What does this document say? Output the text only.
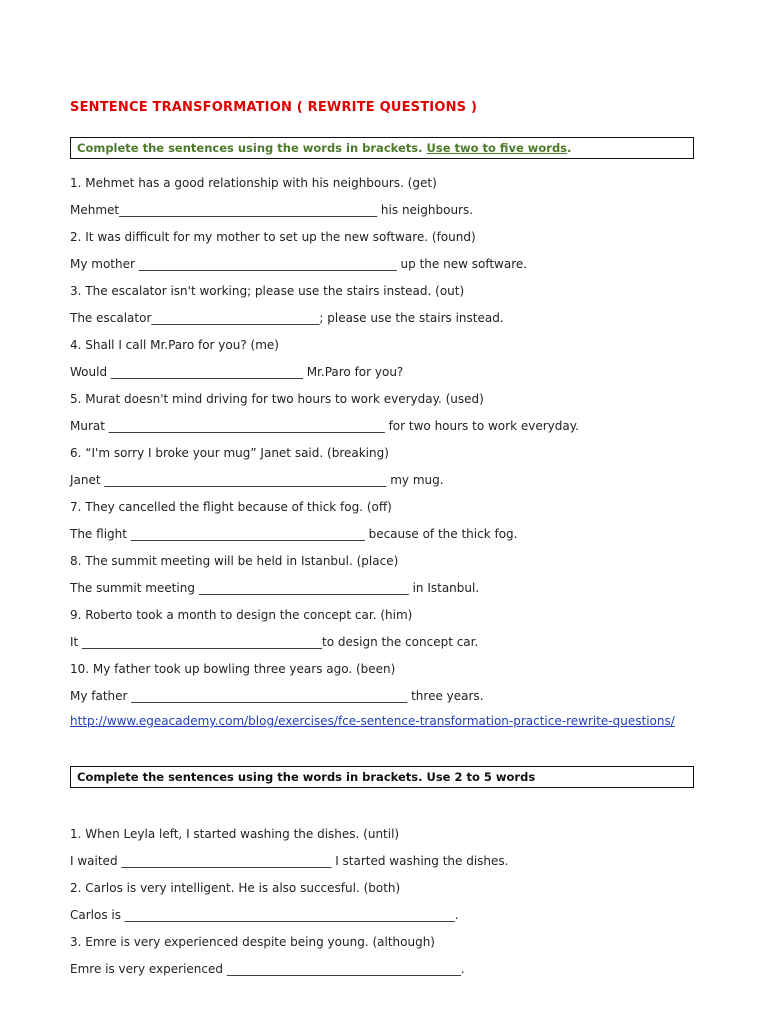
SENTENCE TRANSFORMATION ( REWRITE QUESTIONS )
Complete the sentences using the words in brackets. Use two to five words.
1. Mehmet has a good relationship with his neighbours. (get)
Mehmet___________________________________________ his neighbours.
2. It was difficult for my mother to set up the new software. (found)
My mother ___________________________________________ up the new software.
3. The escalator isn't working; please use the stairs instead. (out)
The escalator____________________________; please use the stairs instead.
4. Shall I call Mr.Paro for you? (me)
Would ________________________________ Mr.Paro for you?
5. Murat doesn't mind driving for two hours to work everyday. (used)
Murat ______________________________________________ for two hours to work everyday.
6. “I'm sorry I broke your mug” Janet said. (breaking)
Janet _______________________________________________ my mug.
7. They cancelled the flight because of thick fog. (off)
The flight _______________________________________ because of the thick fog.
8. The summit meeting will be held in Istanbul. (place)
The summit meeting ___________________________________ in Istanbul.
9. Roberto took a month to design the concept car. (him)
It ________________________________________to design the concept car.
10. My father took up bowling three years ago. (been)
My father ______________________________________________ three years.
http://www.egeacademy.com/blog/exercises/fce-sentence-transformation-practice-rewrite-questions/
Complete the sentences using the words in brackets. Use 2 to 5 words
1. When Leyla left, I started washing the dishes. (until)
I waited ___________________________________ I started washing the dishes.
2. Carlos is very intelligent. He is also succesful. (both)
Carlos is _______________________________________________________.
3. Emre is very experienced despite being young. (although)
Emre is very experienced _______________________________________.
